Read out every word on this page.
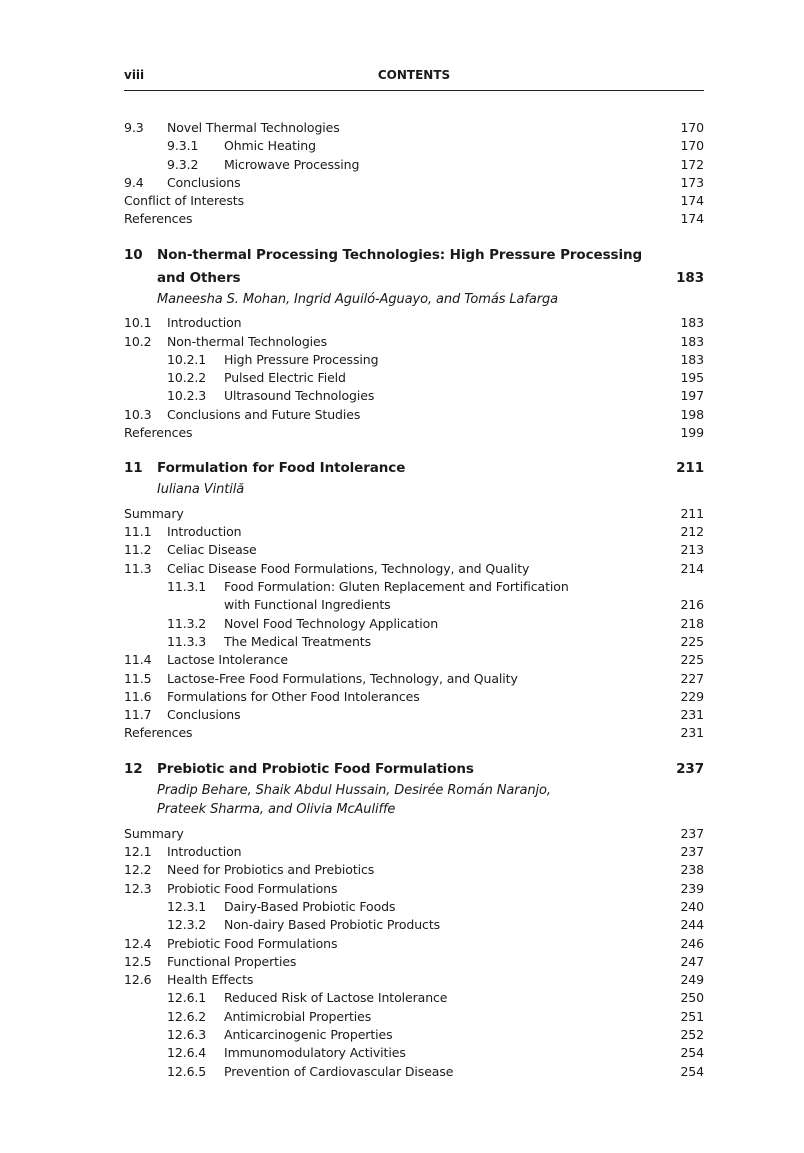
viii	CONTENTS
9.3 Novel Thermal Technologies	170
9.3.1 Ohmic Heating	170
9.3.2 Microwave Processing	172
9.4 Conclusions	173
Conflict of Interests	174
References	174
10 Non-thermal Processing Technologies: High Pressure Processing
and Others	183
Maneesha S. Mohan, Ingrid Aguiló-Aguayo, and Tomás Lafarga
10.1 Introduction	183
10.2 Non-thermal Technologies	183
10.2.1 High Pressure Processing	183
10.2.2 Pulsed Electric Field	195
10.2.3 Ultrasound Technologies	197
10.3 Conclusions and Future Studies	198
References	199
11 Formulation for Food Intolerance	211
Iuliana Vintilă
Summary	211
11.1 Introduction	212
11.2 Celiac Disease	213
11.3 Celiac Disease Food Formulations, Technology, and Quality	214
11.3.1 Food Formulation: Gluten Replacement and Fortification
with Functional Ingredients	216
11.3.2 Novel Food Technology Application	218
11.3.3 The Medical Treatments	225
11.4 Lactose Intolerance	225
11.5 Lactose-Free Food Formulations, Technology, and Quality	227
11.6 Formulations for Other Food Intolerances	229
11.7 Conclusions	231
References	231
12 Prebiotic and Probiotic Food Formulations	237
Pradip Behare, Shaik Abdul Hussain, Desirée Román Naranjo,
Prateek Sharma, and Olivia McAuliffe
Summary	237
12.1 Introduction	237
12.2 Need for Probiotics and Prebiotics	238
12.3 Probiotic Food Formulations	239
12.3.1 Dairy-Based Probiotic Foods	240
12.3.2 Non-dairy Based Probiotic Products	244
12.4 Prebiotic Food Formulations	246
12.5 Functional Properties	247
12.6 Health Effects	249
12.6.1 Reduced Risk of Lactose Intolerance	250
12.6.2 Antimicrobial Properties	251
12.6.3 Anticarcinogenic Properties	252
12.6.4 Immunomodulatory Activities	254
12.6.5 Prevention of Cardiovascular Disease	254
